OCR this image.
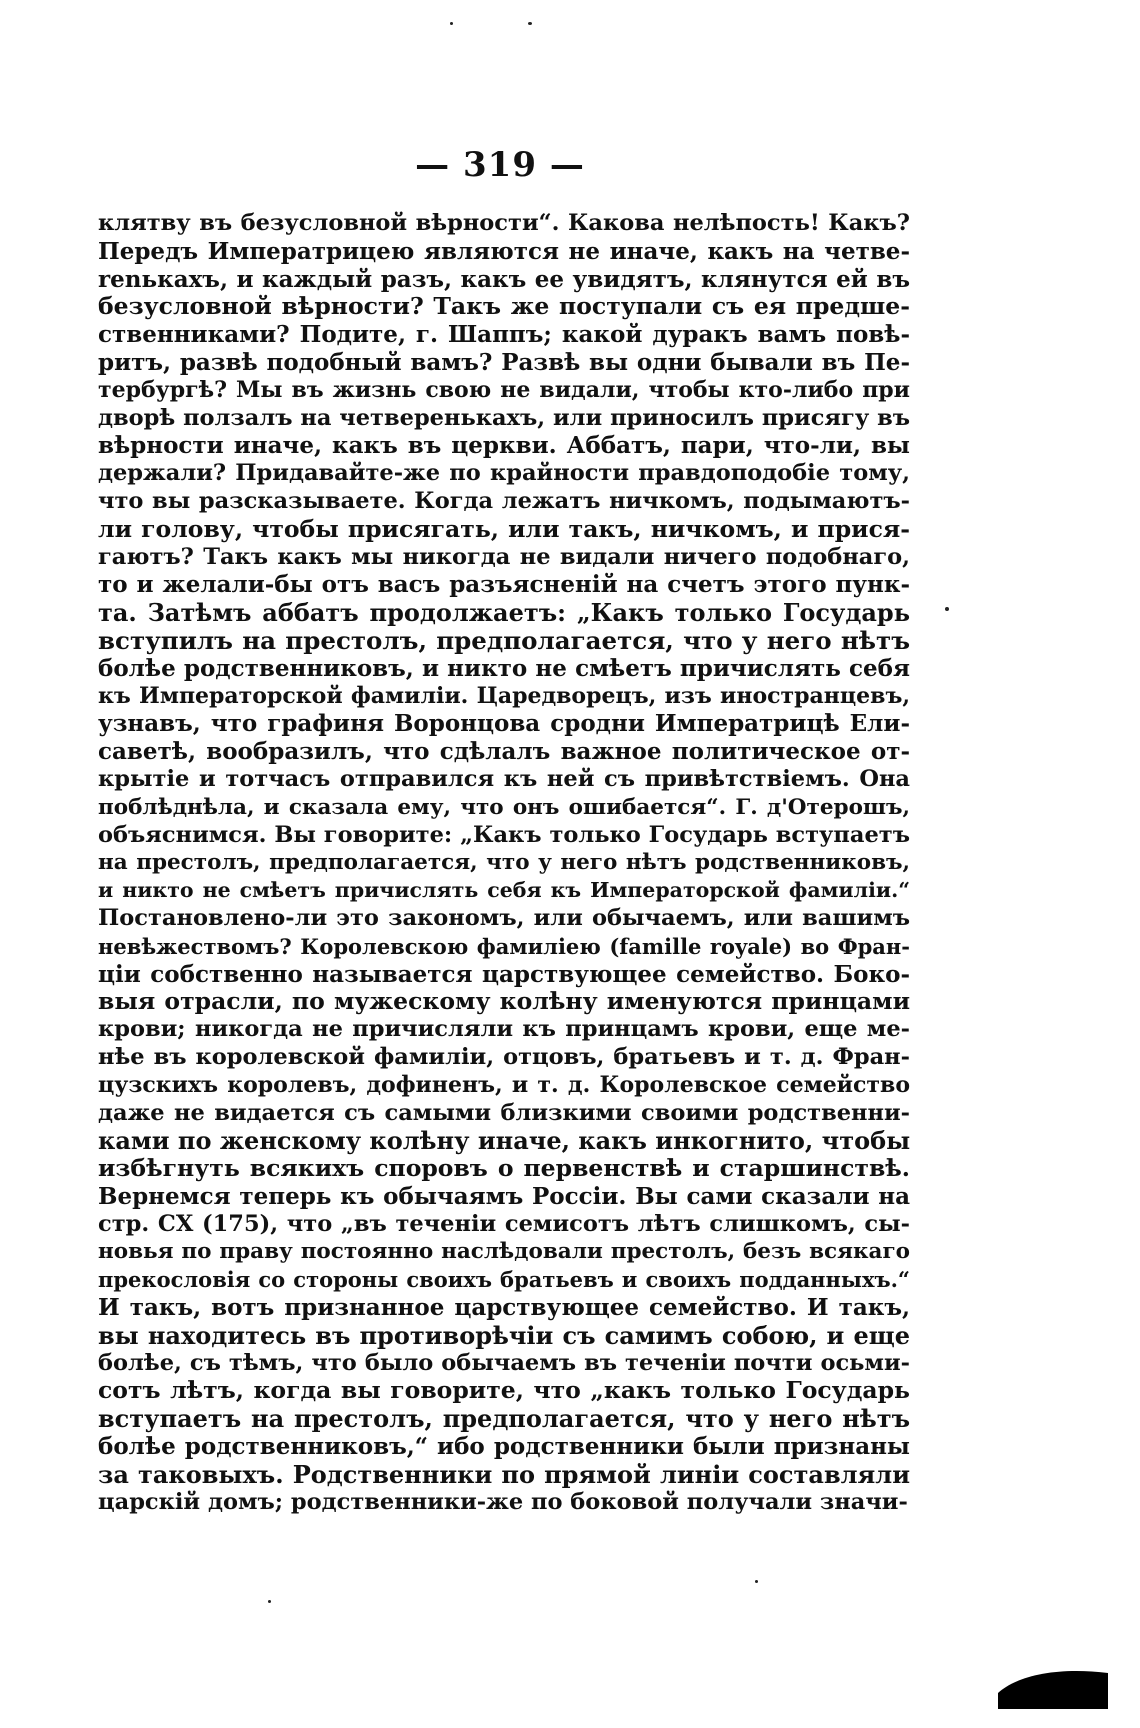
— 319 —
клятву въ безусловной вѣрности“. Какова нелѣпость! Какъ?
Передъ Императрицею являются не иначе, какъ на четве-
renькахъ, и каждый разъ, какъ ее увидятъ, клянутся ей въ
безусловной вѣрности? Такъ же поступали съ ея предше-
ственниками? Подите, г. Шаппъ; какой дуракъ вамъ повѣ-
ритъ, развѣ подобный вамъ? Развѣ вы одни бывали въ Пе-
тербургѣ? Мы въ жизнь свою не видали, чтобы кто-либо при
дворѣ ползалъ на четверенькахъ, или приносилъ присягу въ
вѣрности иначе, какъ въ церкви. Аббатъ, пари, что-ли, вы
держали? Придавайте-же по крайности правдоподобіе тому,
что вы разсказываете. Когда лежатъ ничкомъ, подымаютъ-
ли голову, чтобы присягать, или такъ, ничкомъ, и прися-
гаютъ? Такъ какъ мы никогда не видали ничего подобнаго,
то и желали-бы отъ васъ разъясненій на счетъ этого пунк-
та. Затѣмъ аббатъ продолжаетъ: „Какъ только Государь
вступилъ на престолъ, предполагается, что у него нѣтъ
болѣе родственниковъ, и никто не смѣетъ причислять себя
къ Императорской фамиліи. Царедворецъ, изъ иностранцевъ,
узнавъ, что графиня Воронцова сродни Императрицѣ Ели-
саветѣ, вообразилъ, что сдѣлалъ важное политическое от-
крытіе и тотчасъ отправился къ ней съ привѣтствіемъ. Она
поблѣднѣла, и сказала ему, что онъ ошибается“. Г. д'Отерошъ,
объяснимся. Вы говорите: „Какъ только Государь вступаетъ
на престолъ, предполагается, что у него нѣтъ родственниковъ,
и никто не смѣетъ причислять себя къ Императорской фамиліи.“
Постановлено-ли это закономъ, или обычаемъ, или вашимъ
невѣжествомъ? Королевскою фамиліею (famille royale) во Фран-
ціи собственно называется царствующее семейство. Боко-
выя отрасли, по мужескому колѣну именуются принцами
крови; никогда не причисляли къ принцамъ крови, еще ме-
нѣе въ королевской фамиліи, отцовъ, братьевъ и т. д. Фран-
цузскихъ королевъ, дофиненъ, и т. д. Королевское семейство
даже не видается съ самыми близкими своими родственни-
ками по женскому колѣну иначе, какъ инкогнито, чтобы
избѣгнуть всякихъ споровъ о первенствѣ и старшинствѣ.
Вернемся теперь къ обычаямъ Россіи. Вы сами сказали на
стр. CX (175), что „въ теченіи семисотъ лѣтъ слишкомъ, сы-
новья по праву постоянно наслѣдовали престолъ, безъ всякаго
прекословія со стороны своихъ братьевъ и своихъ подданныхъ.“
И такъ, вотъ признанное царствующее семейство. И такъ,
вы находитесь въ противорѣчіи съ самимъ собою, и еще
болѣе, съ тѣмъ, что было обычаемъ въ теченіи почти осьми-
сотъ лѣтъ, когда вы говорите, что „какъ только Государь
вступаетъ на престолъ, предполагается, что у него нѣтъ
болѣе родственниковъ,“ ибо родственники были признаны
за таковыхъ. Родственники по прямой линіи составляли
царскій домъ; родственники-же по боковой получали значи-
